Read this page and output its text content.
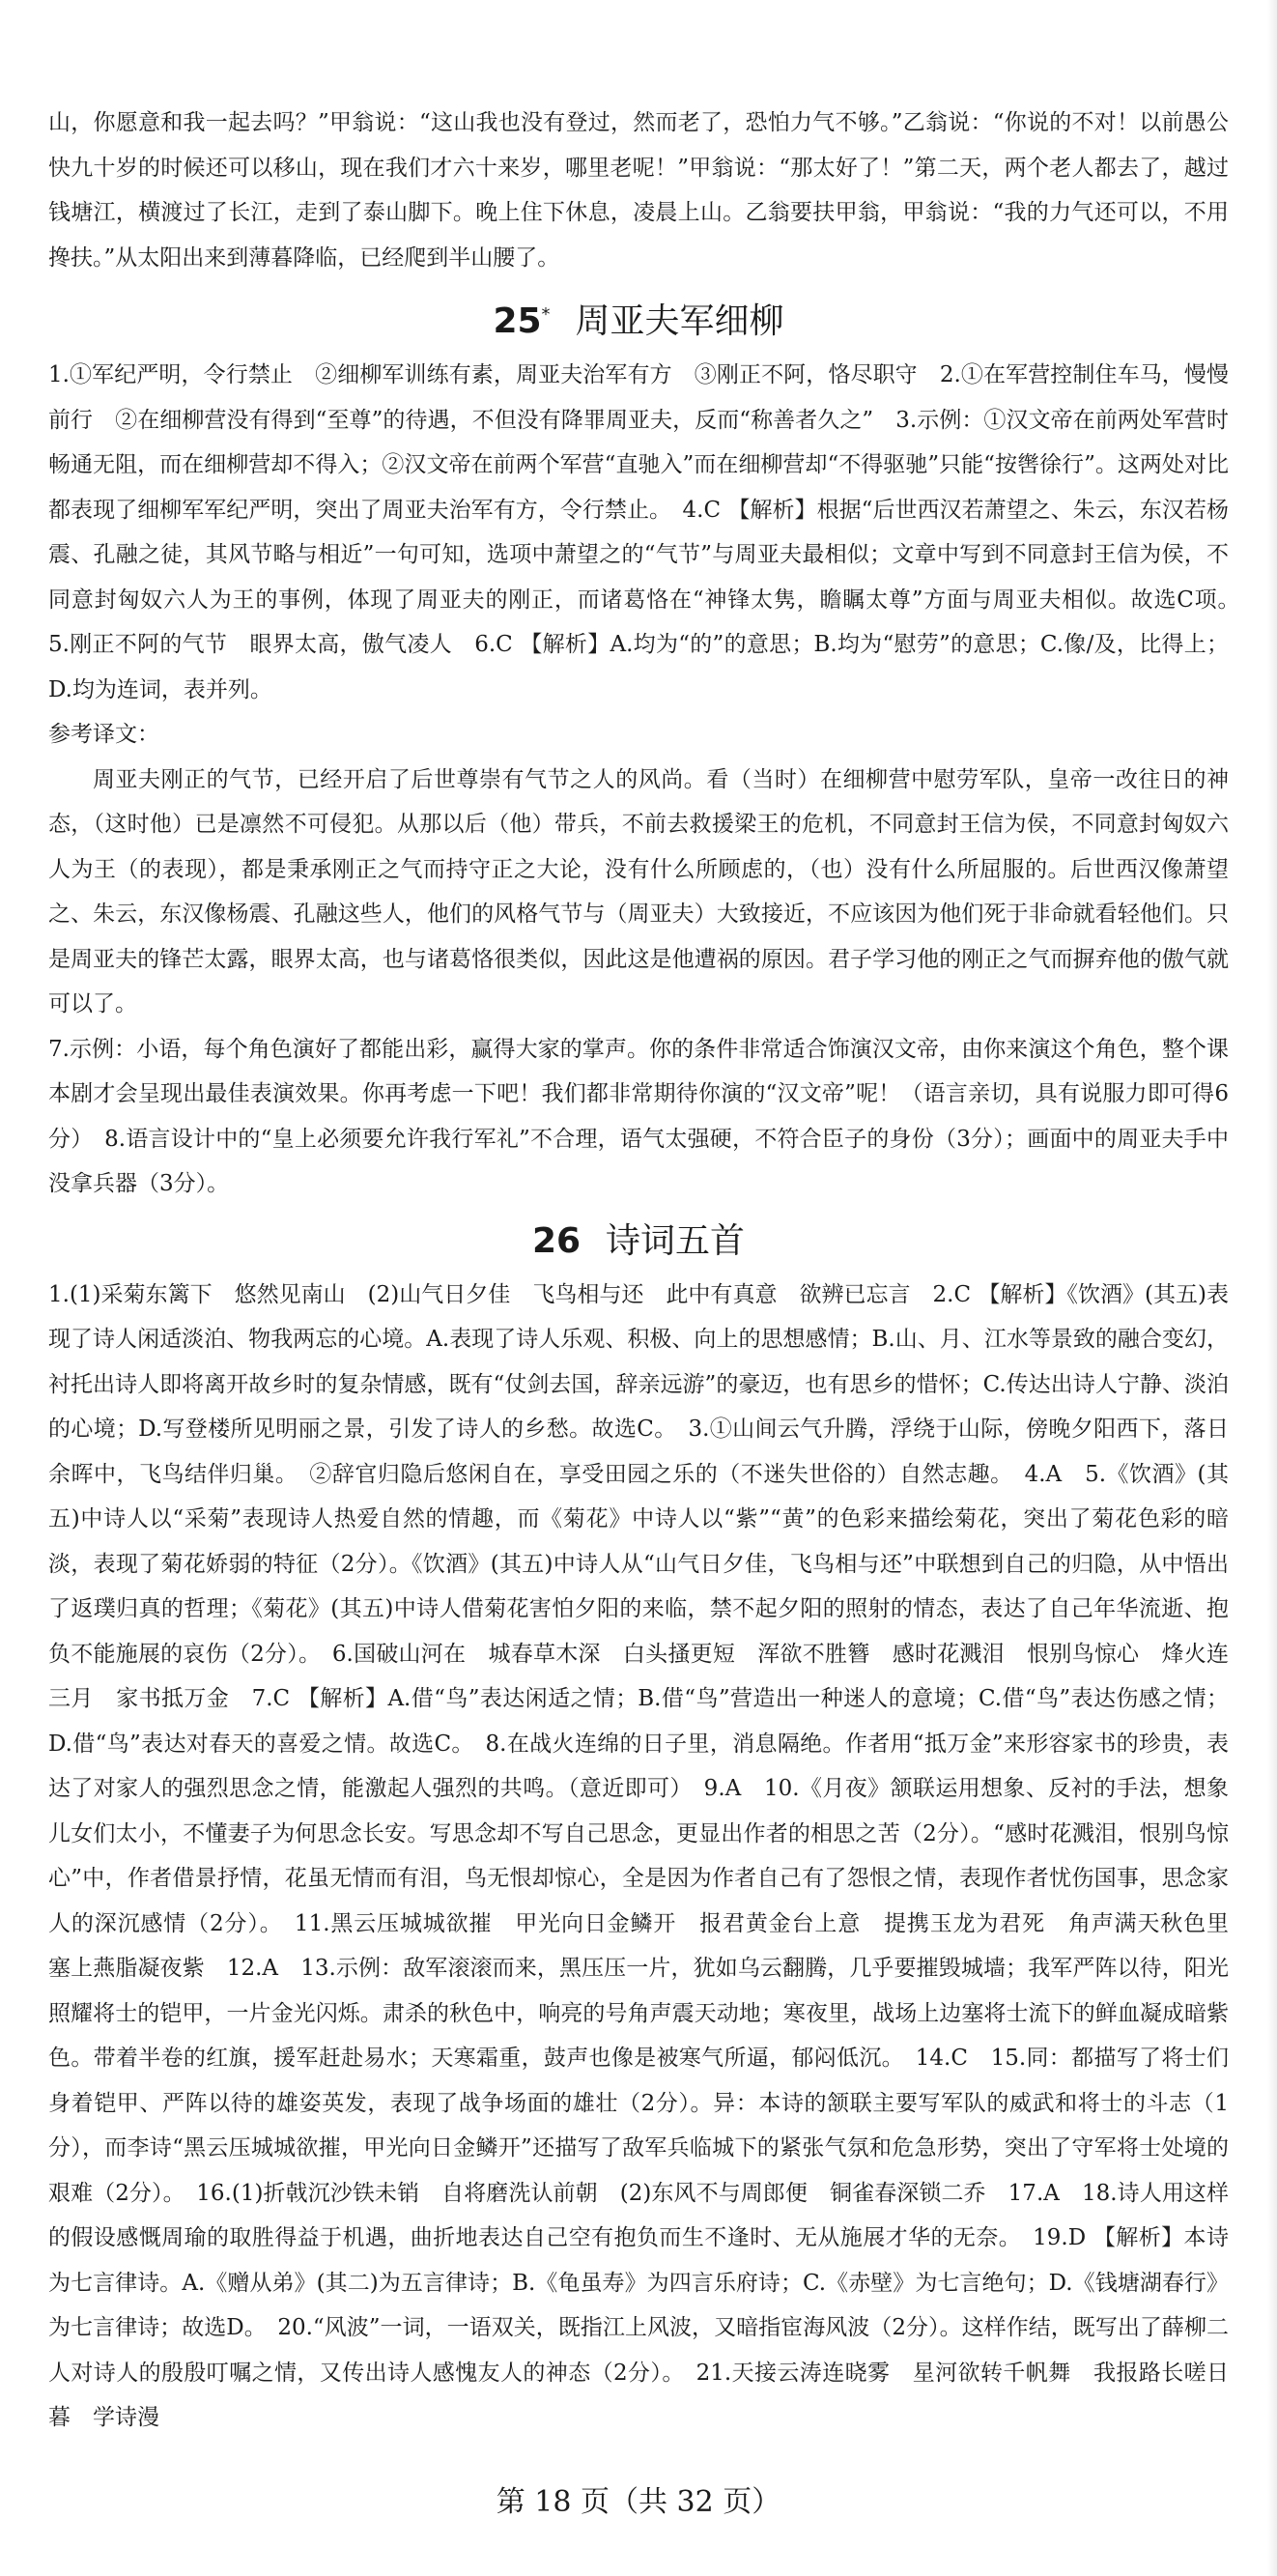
山，你愿意和我一起去吗？”甲翁说：“这山我也没有登过，然而老了，恐怕力气不够。”乙翁说：“你说的不对！以前愚公快九十岁的时候还可以移山，现在我们才六十来岁，哪里老呢！”甲翁说：“那太好了！”第二天，两个老人都去了，越过钱塘江，横渡过了长江，走到了泰山脚下。晚上住下休息，凌晨上山。乙翁要扶甲翁，甲翁说：“我的力气还可以，不用搀扶。”从太阳出来到薄暮降临，已经爬到半山腰了。

25* 周亚夫军细柳

1.①军纪严明，令行禁止　②细柳军训练有素，周亚夫治军有方　③刚正不阿，恪尽职守　2.①在军营控制住车马，慢慢前行　②在细柳营没有得到“至尊”的待遇，不但没有降罪周亚夫，反而“称善者久之”　3.示例：①汉文帝在前两处军营时畅通无阻，而在细柳营却不得入；②汉文帝在前两个军营“直驰入”而在细柳营却“不得驱驰”只能“按辔徐行”。这两处对比都表现了细柳军军纪严明，突出了周亚夫治军有方，令行禁止。　4.C 【解析】根据“后世西汉若萧望之、朱云，东汉若杨震、孔融之徒，其风节略与相近”一句可知，选项中萧望之的“气节”与周亚夫最相似；文章中写到不同意封王信为侯，不同意封匈奴六人为王的事例，体现了周亚夫的刚正，而诸葛恪在“神锋太隽，瞻瞩太尊”方面与周亚夫相似。故选C项。　5.刚正不阿的气节　眼界太高，傲气凌人　6.C 【解析】A.均为“的”的意思；B.均为“慰劳”的意思；C.像/及，比得上；D.均为连词，表并列。

参考译文：

周亚夫刚正的气节，已经开启了后世尊崇有气节之人的风尚。看（当时）在细柳营中慰劳军队，皇帝一改往日的神态，（这时他）已是凛然不可侵犯。从那以后（他）带兵，不前去救援梁王的危机，不同意封王信为侯，不同意封匈奴六人为王（的表现），都是秉承刚正之气而持守正之大论，没有什么所顾虑的，（也）没有什么所屈服的。后世西汉像萧望之、朱云，东汉像杨震、孔融这些人，他们的风格气节与（周亚夫）大致接近，不应该因为他们死于非命就看轻他们。只是周亚夫的锋芒太露，眼界太高，也与诸葛恪很类似，因此这是他遭祸的原因。君子学习他的刚正之气而摒弃他的傲气就可以了。

7.示例：小语，每个角色演好了都能出彩，赢得大家的掌声。你的条件非常适合饰演汉文帝，由你来演这个角色，整个课本剧才会呈现出最佳表演效果。你再考虑一下吧！我们都非常期待你演的“汉文帝”呢！（语言亲切，具有说服力即可得6分）　8.语言设计中的“皇上必须要允许我行军礼”不合理，语气太强硬，不符合臣子的身份（3分）；画面中的周亚夫手中没拿兵器（3分）。

26 诗词五首

1.(1)采菊东篱下　悠然见南山　(2)山气日夕佳　飞鸟相与还　此中有真意　欲辨已忘言　2.C 【解析】《饮酒》(其五)表现了诗人闲适淡泊、物我两忘的心境。A.表现了诗人乐观、积极、向上的思想感情；B.山、月、江水等景致的融合变幻，衬托出诗人即将离开故乡时的复杂情感，既有“仗剑去国，辞亲远游”的豪迈，也有思乡的惜怀；C.传达出诗人宁静、淡泊的心境；D.写登楼所见明丽之景，引发了诗人的乡愁。故选C。　3.①山间云气升腾，浮绕于山际，傍晚夕阳西下，落日余晖中，飞鸟结伴归巢。　②辞官归隐后悠闲自在，享受田园之乐的（不迷失世俗的）自然志趣。　4.A　5.《饮酒》(其五)中诗人以“采菊”表现诗人热爱自然的情趣，而《菊花》中诗人以“紫”“黄”的色彩来描绘菊花，突出了菊花色彩的暗淡，表现了菊花娇弱的特征（2分）。《饮酒》(其五)中诗人从“山气日夕佳，飞鸟相与还”中联想到自己的归隐，从中悟出了返璞归真的哲理；《菊花》(其五)中诗人借菊花害怕夕阳的来临，禁不起夕阳的照射的情态，表达了自己年华流逝、抱负不能施展的哀伤（2分）。　6.国破山河在　城春草木深　白头搔更短　浑欲不胜簪　感时花溅泪　恨别鸟惊心　烽火连三月　家书抵万金　7.C 【解析】A.借“鸟”表达闲适之情；B.借“鸟”营造出一种迷人的意境；C.借“鸟”表达伤感之情；D.借“鸟”表达对春天的喜爱之情。故选C。　8.在战火连绵的日子里，消息隔绝。作者用“抵万金”来形容家书的珍贵，表达了对家人的强烈思念之情，能激起人强烈的共鸣。（意近即可）　9.A　10.《月夜》颔联运用想象、反衬的手法，想象儿女们太小，不懂妻子为何思念长安。写思念却不写自己思念，更显出作者的相思之苦（2分）。“感时花溅泪，恨别鸟惊心”中，作者借景抒情，花虽无情而有泪，鸟无恨却惊心，全是因为作者自己有了怨恨之情，表现作者忧伤国事，思念家人的深沉感情（2分）。　11.黑云压城城欲摧　甲光向日金鳞开　报君黄金台上意　提携玉龙为君死　角声满天秋色里　塞上燕脂凝夜紫　12.A　13.示例：敌军滚滚而来，黑压压一片，犹如乌云翻腾，几乎要摧毁城墙；我军严阵以待，阳光照耀将士的铠甲，一片金光闪烁。肃杀的秋色中，响亮的号角声震天动地；寒夜里，战场上边塞将士流下的鲜血凝成暗紫色。带着半卷的红旗，援军赶赴易水；天寒霜重，鼓声也像是被寒气所逼，郁闷低沉。　14.C　15.同：都描写了将士们身着铠甲、严阵以待的雄姿英发，表现了战争场面的雄壮（2分）。异：本诗的颔联主要写军队的威武和将士的斗志（1分），而李诗“黑云压城城欲摧，甲光向日金鳞开”还描写了敌军兵临城下的紧张气氛和危急形势，突出了守军将士处境的艰难（2分）。　16.(1)折戟沉沙铁未销　自将磨洗认前朝　(2)东风不与周郎便　铜雀春深锁二乔　17.A　18.诗人用这样的假设感慨周瑜的取胜得益于机遇，曲折地表达自己空有抱负而生不逢时、无从施展才华的无奈。　19.D 【解析】本诗为七言律诗。A.《赠从弟》(其二)为五言律诗；B.《龟虽寿》为四言乐府诗；C.《赤壁》为七言绝句；D.《钱塘湖春行》为七言律诗；故选D。　20.“风波”一词，一语双关，既指江上风波，又暗指宦海风波（2分）。这样作结，既写出了薛柳二人对诗人的殷殷叮嘱之情，又传出诗人感愧友人的神态（2分）。　21.天接云涛连晓雾　星河欲转千帆舞　我报路长嗟日暮　学诗漫

第 18 页（共 32 页）
